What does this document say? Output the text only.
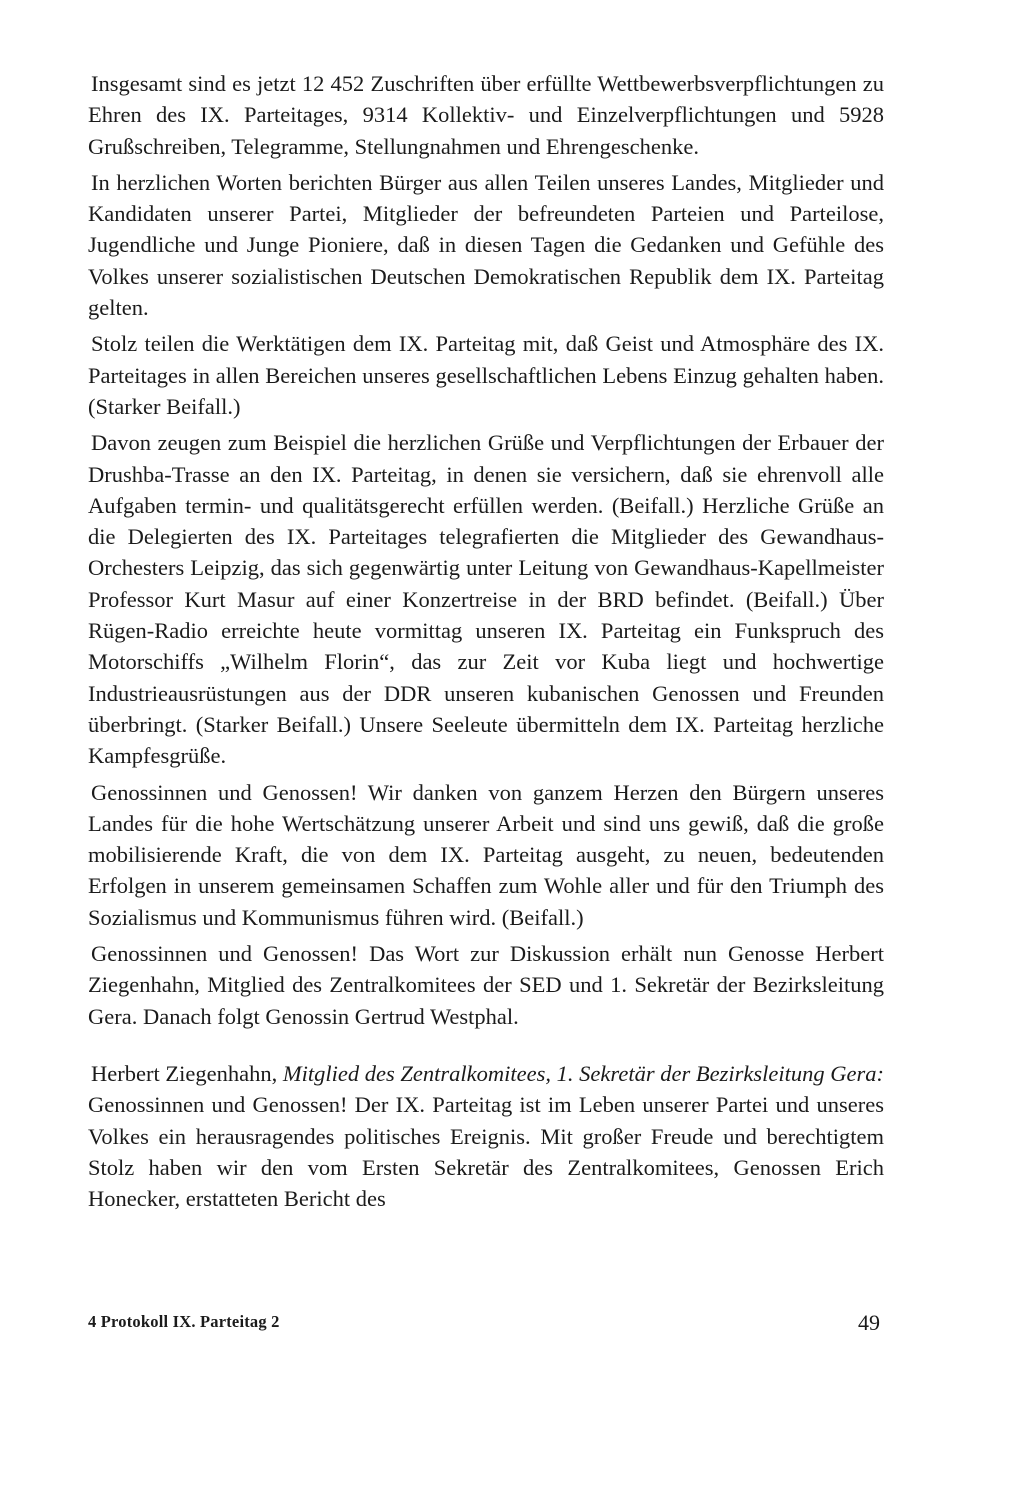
Insgesamt sind es jetzt 12 452 Zuschriften über erfüllte Wettbewerbsverpflichtungen zu Ehren des IX. Parteitages, 9314 Kollektiv- und Einzelverpflichtungen und 5928 Grußschreiben, Telegramme, Stellungnahmen und Ehrengeschenke.

In herzlichen Worten berichten Bürger aus allen Teilen unseres Landes, Mitglieder und Kandidaten unserer Partei, Mitglieder der befreundeten Parteien und Parteilose, Jugendliche und Junge Pioniere, daß in diesen Tagen die Gedanken und Gefühle des Volkes unserer sozialistischen Deutschen Demokratischen Republik dem IX. Parteitag gelten.

Stolz teilen die Werktätigen dem IX. Parteitag mit, daß Geist und Atmosphäre des IX. Parteitages in allen Bereichen unseres gesellschaftlichen Lebens Einzug gehalten haben. (Starker Beifall.)

Davon zeugen zum Beispiel die herzlichen Grüße und Verpflichtungen der Erbauer der Drushba-Trasse an den IX. Parteitag, in denen sie versichern, daß sie ehrenvoll alle Aufgaben termin- und qualitätsgerecht erfüllen werden. (Beifall.) Herzliche Grüße an die Delegierten des IX. Parteitages telegrafierten die Mitglieder des Gewandhaus-Orchesters Leipzig, das sich gegenwärtig unter Leitung von Gewandhaus-Kapellmeister Professor Kurt Masur auf einer Konzertreise in der BRD befindet. (Beifall.) Über Rügen-Radio erreichte heute vormittag unseren IX. Parteitag ein Funkspruch des Motorschiffs „Wilhelm Florin“, das zur Zeit vor Kuba liegt und hochwertige Industrieausrüstungen aus der DDR unseren kubanischen Genossen und Freunden überbringt. (Starker Beifall.) Unsere Seeleute übermitteln dem IX. Parteitag herzliche Kampfesgrüße.

Genossinnen und Genossen! Wir danken von ganzem Herzen den Bürgern unseres Landes für die hohe Wertschätzung unserer Arbeit und sind uns gewiß, daß die große mobilisierende Kraft, die von dem IX. Parteitag ausgeht, zu neuen, bedeutenden Erfolgen in unserem gemeinsamen Schaffen zum Wohle aller und für den Triumph des Sozialismus und Kommunismus führen wird. (Beifall.)

Genossinnen und Genossen! Das Wort zur Diskussion erhält nun Genosse Herbert Ziegenhahn, Mitglied des Zentralkomitees der SED und 1. Sekretär der Bezirksleitung Gera. Danach folgt Genossin Gertrud Westphal.

Herbert Ziegenhahn, Mitglied des Zentralkomitees, 1. Sekretär der Bezirksleitung Gera: Genossinnen und Genossen! Der IX. Parteitag ist im Leben unserer Partei und unseres Volkes ein herausragendes politisches Ereignis. Mit großer Freude und berechtigtem Stolz haben wir den vom Ersten Sekretär des Zentralkomitees, Genossen Erich Honecker, erstatteten Bericht des

4 Protokoll IX. Parteitag 2	49
